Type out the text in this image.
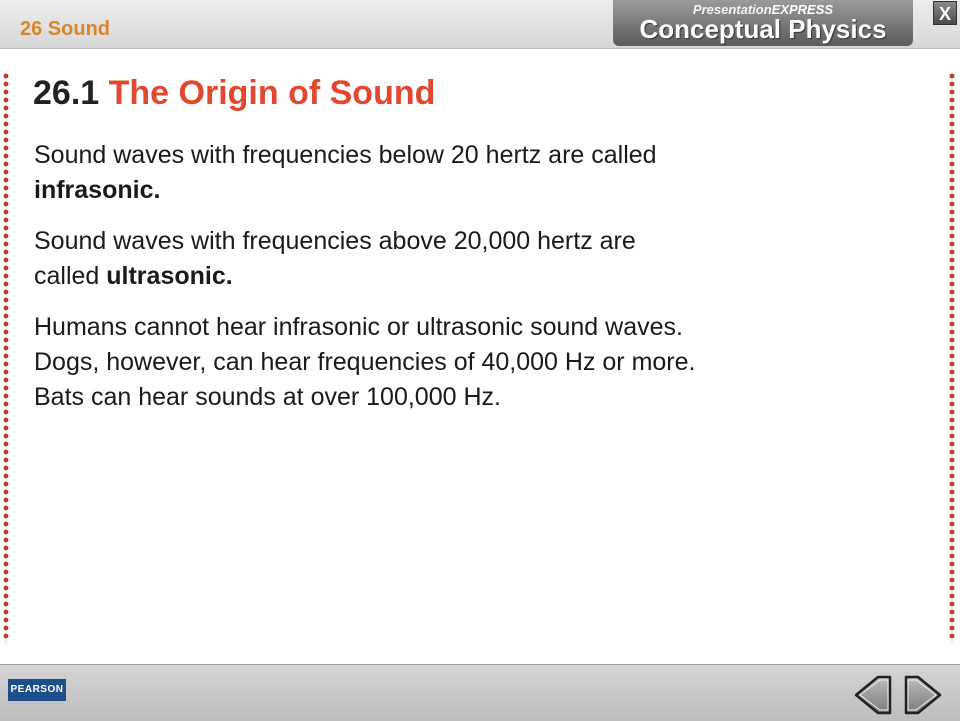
26 Sound
PresentationEXPRESS
Conceptual Physics	X
26.1 The Origin of Sound
Sound waves with frequencies below 20 hertz are called infrasonic.
Sound waves with frequencies above 20,000 hertz are called ultrasonic.
Humans cannot hear infrasonic or ultrasonic sound waves. Dogs, however, can hear frequencies of 40,000 Hz or more. Bats can hear sounds at over 100,000 Hz.
PEARSON
